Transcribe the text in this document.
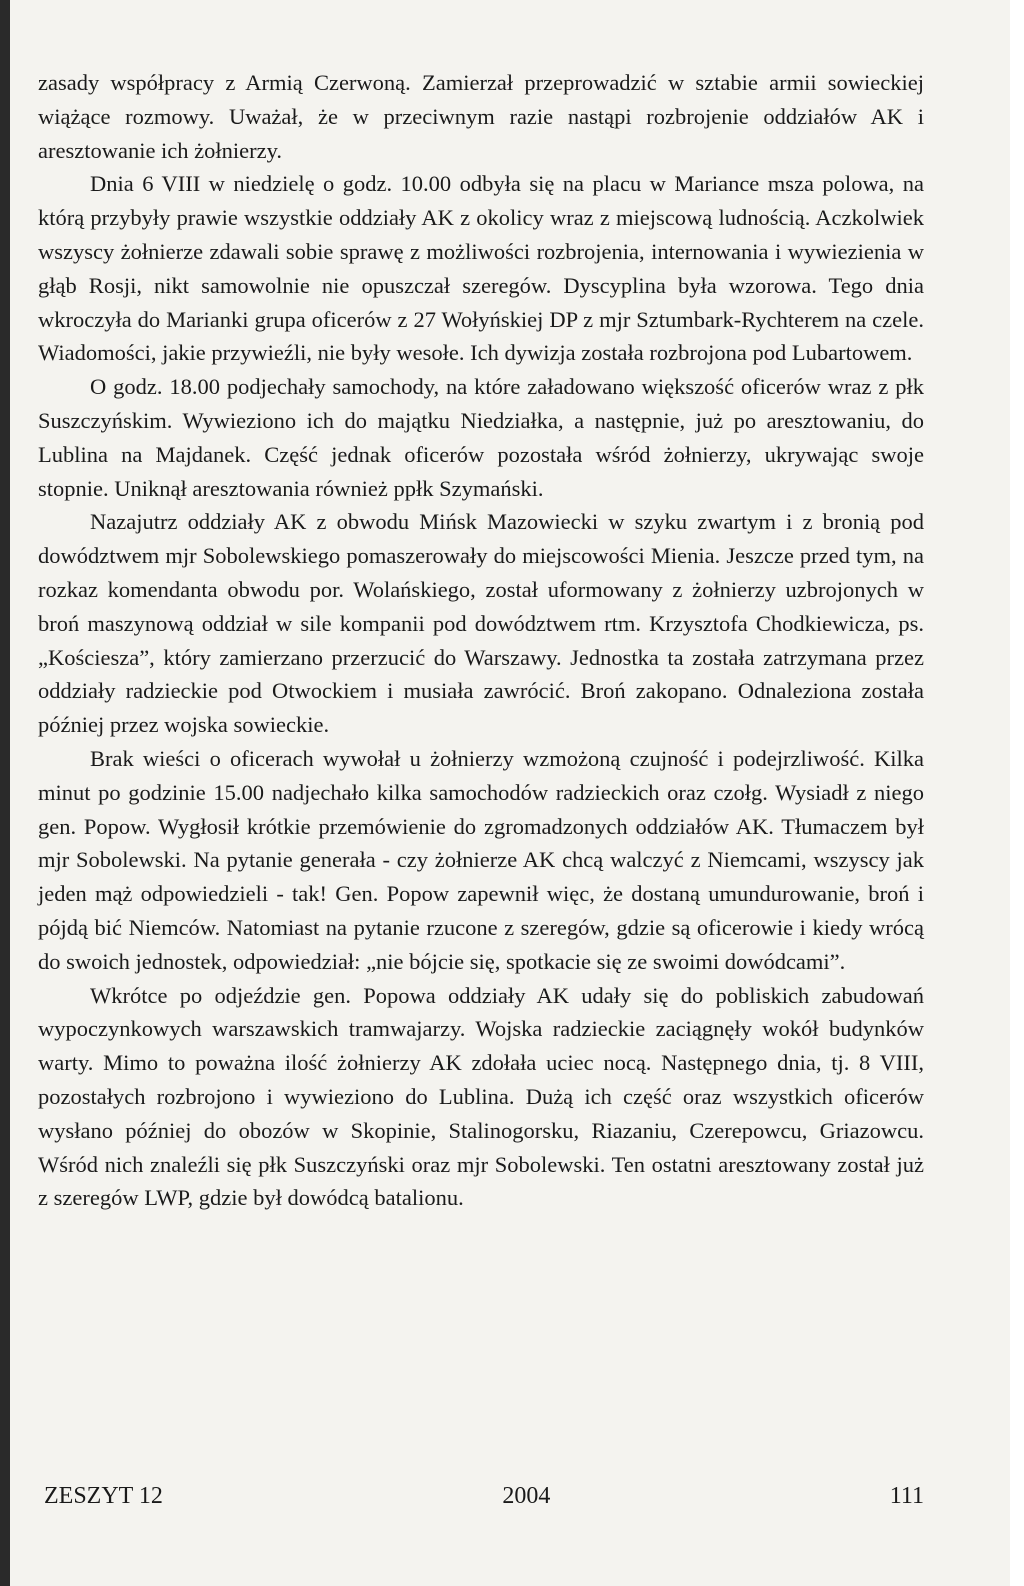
zasady współpracy z Armią Czerwoną. Zamierzał przeprowadzić w sztabie armii sowieckiej wiążące rozmowy. Uważał, że w przeciwnym razie nastąpi rozbrojenie oddziałów AK i aresztowanie ich żołnierzy.

Dnia 6 VIII w niedzielę o godz. 10.00 odbyła się na placu w Mariance msza polowa, na którą przybyły prawie wszystkie oddziały AK z okolicy wraz z miejscową ludnością. Aczkolwiek wszyscy żołnierze zdawali sobie sprawę z możliwości rozbrojenia, internowania i wywiezienia w głąb Rosji, nikt samowolnie nie opuszczał szeregów. Dyscyplina była wzorowa. Tego dnia wkroczyła do Marianki grupa oficerów z 27 Wołyńskiej DP z mjr Sztumbark-Rychterem na czele. Wiadomości, jakie przywieźli, nie były wesołe. Ich dywizja została rozbrojona pod Lubartowem.

O godz. 18.00 podjechały samochody, na które załadowano większość oficerów wraz z płk Suszczyńskim. Wywieziono ich do majątku Niedziałka, a następnie, już po aresztowaniu, do Lublina na Majdanek. Część jednak oficerów pozostała wśród żołnierzy, ukrywając swoje stopnie. Uniknął aresztowania również ppłk Szymański.

Nazajutrz oddziały AK z obwodu Mińsk Mazowiecki w szyku zwartym i z bronią pod dowództwem mjr Sobolewskiego pomaszerowały do miejscowości Mienia. Jeszcze przed tym, na rozkaz komendanta obwodu por. Wolańskiego, został uformowany z żołnierzy uzbrojonych w broń maszynową oddział w sile kompanii pod dowództwem rtm. Krzysztofa Chodkiewicza, ps. „Kościesza”, który zamierzano przerzucić do Warszawy. Jednostka ta została zatrzymana przez oddziały radzieckie pod Otwockiem i musiała zawrócić. Broń zakopano. Odnaleziona została później przez wojska sowieckie.

Brak wieści o oficerach wywołał u żołnierzy wzmożoną czujność i podejrzliwość. Kilka minut po godzinie 15.00 nadjechało kilka samochodów radzieckich oraz czołg. Wysiadł z niego gen. Popow. Wygłosił krótkie przemówienie do zgromadzonych oddziałów AK. Tłumaczem był mjr Sobolewski. Na pytanie generała - czy żołnierze AK chcą walczyć z Niemcami, wszyscy jak jeden mąż odpowiedzieli - tak! Gen. Popow zapewnił więc, że dostaną umundurowanie, broń i pójdą bić Niemców. Natomiast na pytanie rzucone z szeregów, gdzie są oficerowie i kiedy wrócą do swoich jednostek, odpowiedział: „nie bójcie się, spotkacie się ze swoimi dowódcami”.

Wkrótce po odjeździe gen. Popowa oddziały AK udały się do pobliskich zabudowań wypoczynkowych warszawskich tramwajarzy. Wojska radzieckie zaciągnęły wokół budynków warty. Mimo to poważna ilość żołnierzy AK zdołała uciec nocą. Następnego dnia, tj. 8 VIII, pozostałych rozbrojono i wywieziono do Lublina. Dużą ich część oraz wszystkich oficerów wysłano później do obozów w Skopinie, Stalinogorsku, Riazaniu, Czerepowcu, Griazowcu. Wśród nich znaleźli się płk Suszczyński oraz mjr Sobolewski. Ten ostatni aresztowany został już z szeregów LWP, gdzie był dowódcą batalionu.

ZESZYT 12	2004	111
